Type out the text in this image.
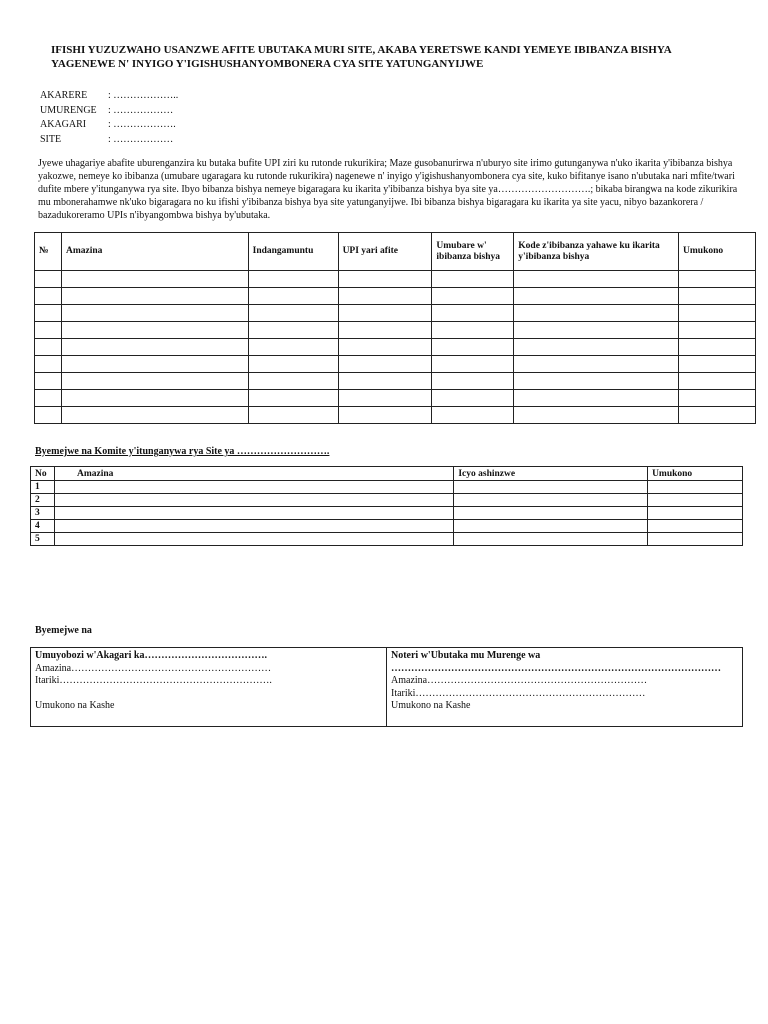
IFISHI YUZUZWAHO USANZWE AFITE UBUTAKA MURI SITE, AKABA YERETSWE KANDI YEMEYE IBIBANZA BISHYA
YAGENEWE N' INYIGO Y'IGISHUSHANYOMBONERA CYA SITE YATUNGANYIJWE
AKARERE	: ………………..
UMURENGE	: ………………
AKAGARI	: ……………….
SITE	: ………………
Jyewe uhagariye abafite uburenganzira ku butaka bufite UPI ziri ku rutonde rukurikira; Maze gusobanurirwa n'uburyo site irimo gutunganywa n'uko ikarita y'ibibanza bishya yakozwe, nemeye ko ibibanza (umubare ugaragara ku rutonde rukurikira) nagenewe n' inyigo y'igishushanyombonera cya site, kuko bifitanye isano n'ubutaka nari mfite/twari dufite mbere y'itunganywa rya site. Ibyo bibanza bishya nemeye bigaragara ku ikarita y'ibibanza bishya bya site ya……………………….; bikaba birangwa na kode zikurikira mu mbonerahamwe nk'uko bigaragara no ku ifishi y'ibibanza bishya bya site yatunganyijwe. Ibi bibanza bishya bigaragara ku ikarita ya site yacu, nibyo bazankorera / bazadukoreramo UPIs n'ibyangombwa bishya by'ubutaka.
№	Amazina	Indangamuntu	UPI yari afite	Umubare w' ibibanza bishya	Kode z'ibibanza yahawe ku ikarita y'ibibanza bishya	Umukono

Byemejwe na Komite y'itunganywa rya Site ya ……………………….
No	Amazina	Icyo ashinzwe	Umukono
1			
2			
3			
4			
5			
Byemejwe na
Umuyobozi w'Akagari ka……………………………….
Amazina……………………………………………………
Itariki……………………………………………………….
Umukono na Kashe

Noteri w'Ubutaka mu Murenge wa
………………………………………………………………………………………
Amazina…………………………………………………………
Itariki……………………………………………………………
Umukono na Kashe
